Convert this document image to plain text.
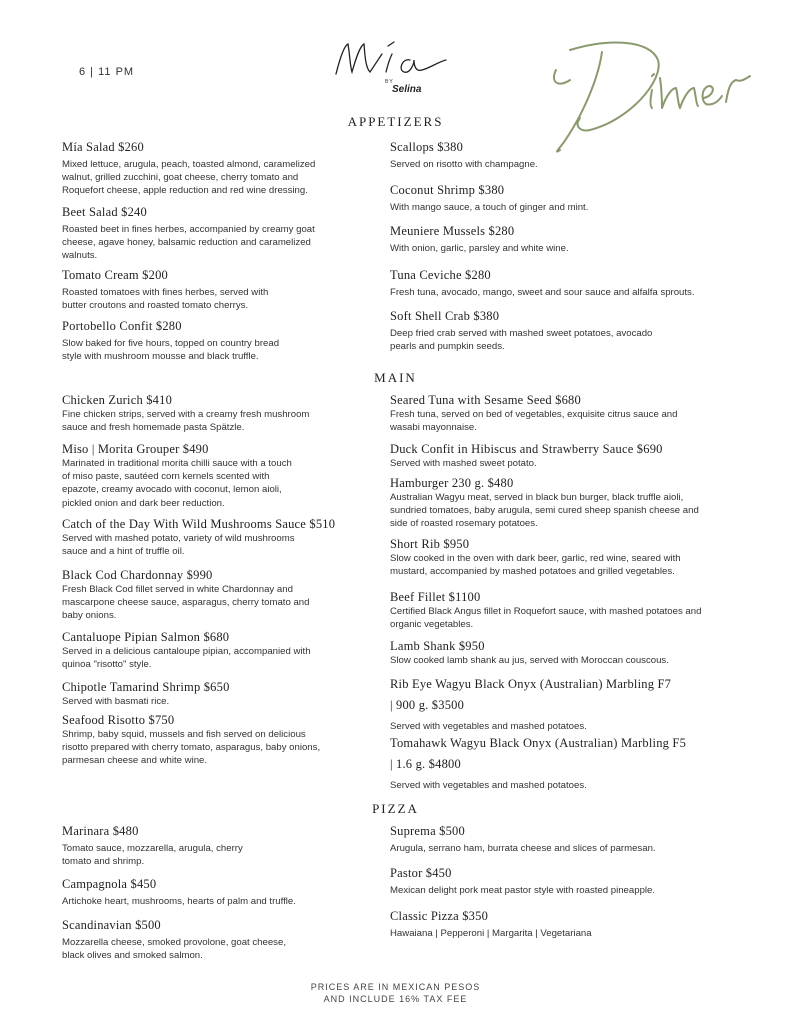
6 | 11 PM
BY
Selina
APPETIZERS
Mía Salad $260
Mixed lettuce, arugula, peach, toasted almond, caramelized
walnut, grilled zucchini, goat cheese, cherry tomato and
Roquefort cheese, apple reduction and red wine dressing.
Beet Salad $240
Roasted beet in fines herbes, accompanied by creamy goat
cheese, agave honey, balsamic reduction and caramelized
walnuts.
Tomato Cream $200
Roasted tomatoes with fines herbes, served with
butter croutons and roasted tomato cherrys.
Portobello Confit $280
Slow baked for five hours, topped on country bread
style with mushroom mousse and black truffle.
Scallops $380
Served on risotto with champagne.
Coconut Shrimp $380
With mango sauce, a touch of ginger and mint.
Meuniere Mussels $280
With onion, garlic, parsley and white wine.
Tuna Ceviche $280
Fresh tuna, avocado, mango, sweet and sour sauce and alfalfa sprouts.
Soft Shell Crab $380
Deep fried crab served with mashed sweet potatoes, avocado
pearls and pumpkin seeds.
MAIN
Chicken Zurich $410
Fine chicken strips, served with a creamy fresh mushroom
sauce and fresh homemade pasta Spätzle.
Miso | Morita Grouper $490
Marinated in traditional morita chilli sauce with a touch
of miso paste, sautéed corn kernels scented with
epazote, creamy avocado with coconut, lemon aioli,
pickled onion and dark beer reduction.
Catch of the Day With Wild Mushrooms Sauce $510
Served with mashed potato, variety of wild mushrooms
sauce and a hint of truffle oil.
Black Cod Chardonnay $990
Fresh Black Cod fillet served in white Chardonnay and
mascarpone cheese sauce, asparagus, cherry tomato and
baby onions.
Cantaluope Pipian Salmon $680
Served in a delicious cantaloupe pipian, accompanied with
quinoa "risotto" style.
Chipotle Tamarind Shrimp $650
Served with basmati rice.
Seafood Risotto $750
Shrimp, baby squid, mussels and fish served on delicious
risotto prepared with cherry tomato, asparagus, baby onions,
parmesan cheese and white wine.
Seared Tuna with Sesame Seed $680
Fresh tuna, served on bed of vegetables, exquisite citrus sauce and
wasabi mayonnaise.
Duck Confit in Hibiscus and Strawberry Sauce $690
Served with mashed sweet potato.
Hamburger 230 g. $480
Australian Wagyu meat, served in black bun burger, black truffle aioli,
sundried tomatoes, baby arugula, semi cured sheep spanish cheese and
side of roasted rosemary potatoes.
Short Rib $950
Slow cooked in the oven with dark beer, garlic, red wine, seared with
mustard, accompanied by mashed potatoes and grilled vegetables.
Beef Fillet $1100
Certified Black Angus fillet in Roquefort sauce, with mashed potatoes and
organic vegetables.
Lamb Shank $950
Slow cooked lamb shank au jus, served with Moroccan couscous.
Rib Eye Wagyu Black Onyx (Australian) Marbling F7
| 900 g. $3500
Served with vegetables and mashed potatoes.
Tomahawk Wagyu Black Onyx (Australian) Marbling F5
| 1.6 g. $4800
Served with vegetables and mashed potatoes.
PIZZA
Marinara $480
Tomato sauce, mozzarella, arugula, cherry
tomato and shrimp.
Campagnola $450
Artichoke heart, mushrooms, hearts of palm and truffle.
Scandinavian $500
Mozzarella cheese, smoked provolone, goat cheese,
black olives and smoked salmon.
Suprema $500
Arugula, serrano ham, burrata cheese and slices of parmesan.
Pastor $450
Mexican delight pork meat pastor style with roasted pineapple.
Classic Pizza $350
Hawaiana | Pepperoni | Margarita | Vegetariana
PRICES ARE IN MEXICAN PESOS
AND INCLUDE 16% TAX FEE
